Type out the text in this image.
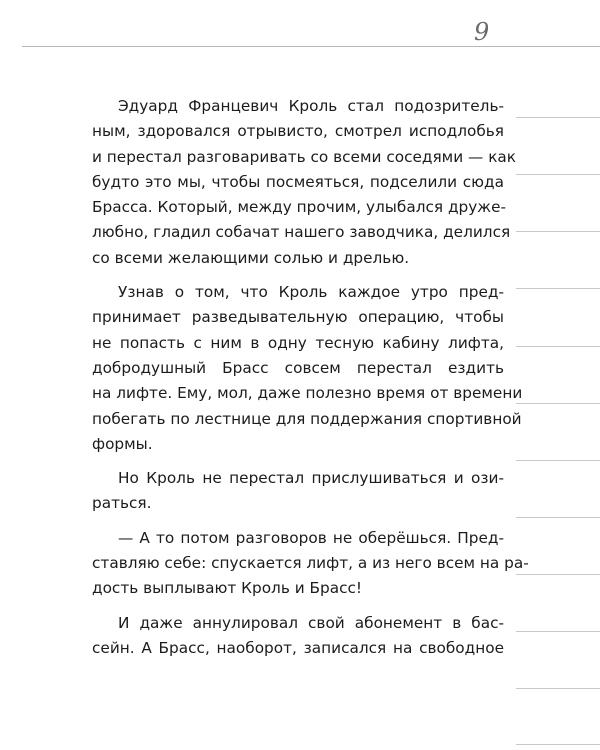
9
Эдуард Францевич Кроль стал подозритель-
ным, здоровался отрывисто, смотрел исподлобья
и перестал разговаривать со всеми соседями — как
будто это мы, чтобы посмеяться, подселили сюда
Брасса. Который, между прочим, улыбался друже-
любно, гладил собачат нашего заводчика, делился
со всеми желающими солью и дрелью.
Узнав о том, что Кроль каждое утро пред-
принимает разведывательную операцию, чтобы
не попасть с ним в одну тесную кабину лифта,
добродушный Брасс совсем перестал ездить
на лифте. Ему, мол, даже полезно время от времени
побегать по лестнице для поддержания спортивной
формы.
Но Кроль не перестал прислушиваться и ози-
раться.
— А то потом разговоров не оберёшься. Пред-
ставляю себе: спускается лифт, а из него всем на ра-
дость выплывают Кроль и Брасс!
И даже аннулировал свой абонемент в бас-
сейн. А Брасс, наоборот, записался на свободное
